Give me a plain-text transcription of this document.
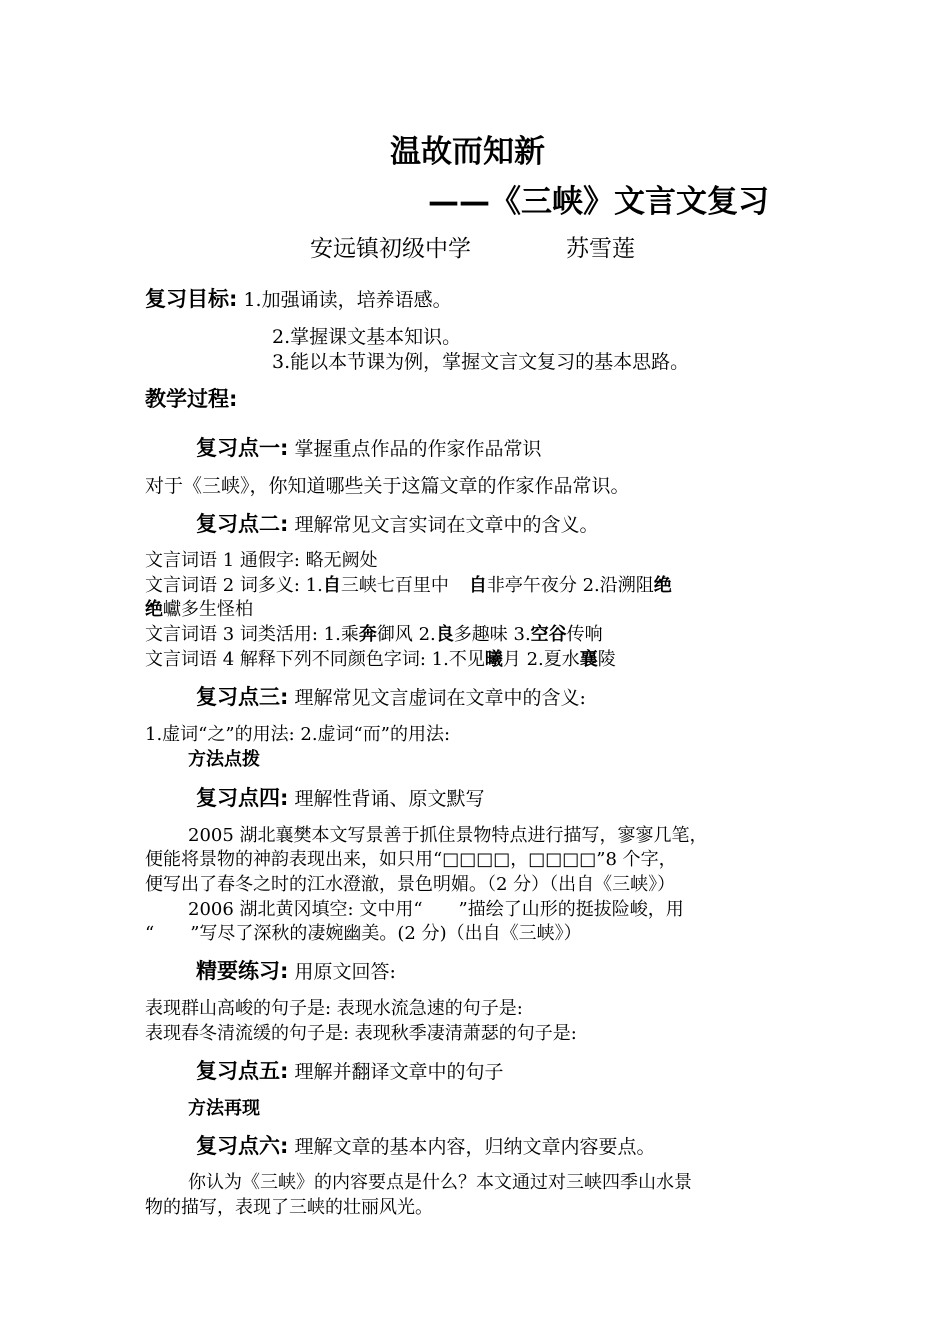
温故而知新
——《三峡》文言文复习
安远镇初级中学	苏雪莲
复习目标: 1.加强诵读，培养语感。
2.掌握课文基本知识。
3.能以本节课为例，掌握文言文复习的基本思路。
教学过程:
复习点一: 掌握重点作品的作家作品常识
对于《三峡》，你知道哪些关于这篇文章的作家作品常识。
复习点二: 理解常见文言实词在文章中的含义。
文言词语 1 通假字: 略无阙处
文言词语 2 词多义: 1.自三峡七百里中 自非亭午夜分 2.沿溯阻绝
绝巘多生怪柏
文言词语 3 词类活用: 1.乘奔御风 2.良多趣味 3.空谷传响
文言词语 4 解释下列不同颜色字词: 1.不见曦月 2.夏水襄陵
复习点三: 理解常见文言虚词在文章中的含义:
1.虚词“之”的用法: 2.虚词“而”的用法:
方法点拨
复习点四: 理解性背诵、原文默写
2005 湖北襄樊本文写景善于抓住景物特点进行描写，寥寥几笔，
便能将景物的神韵表现出来，如只用“□□□□，□□□□”8 个字，
便写出了春冬之时的江水澄澈，景色明媚。（2 分）（出自《三峡》）
2006 湖北黄冈填空: 文中用“　　”描绘了山形的挺拔险峻，用
“　　”写尽了深秋的凄婉幽美。(2 分)（出自《三峡》）
精要练习: 用原文回答:
表现群山高峻的句子是: 表现水流急速的句子是:
表现春冬清流缓的句子是: 表现秋季凄清萧瑟的句子是:
复习点五: 理解并翻译文章中的句子
方法再现
复习点六: 理解文章的基本内容，归纳文章内容要点。
你认为《三峡》的内容要点是什么？本文通过对三峡四季山水景
物的描写，表现了三峡的壮丽风光。
